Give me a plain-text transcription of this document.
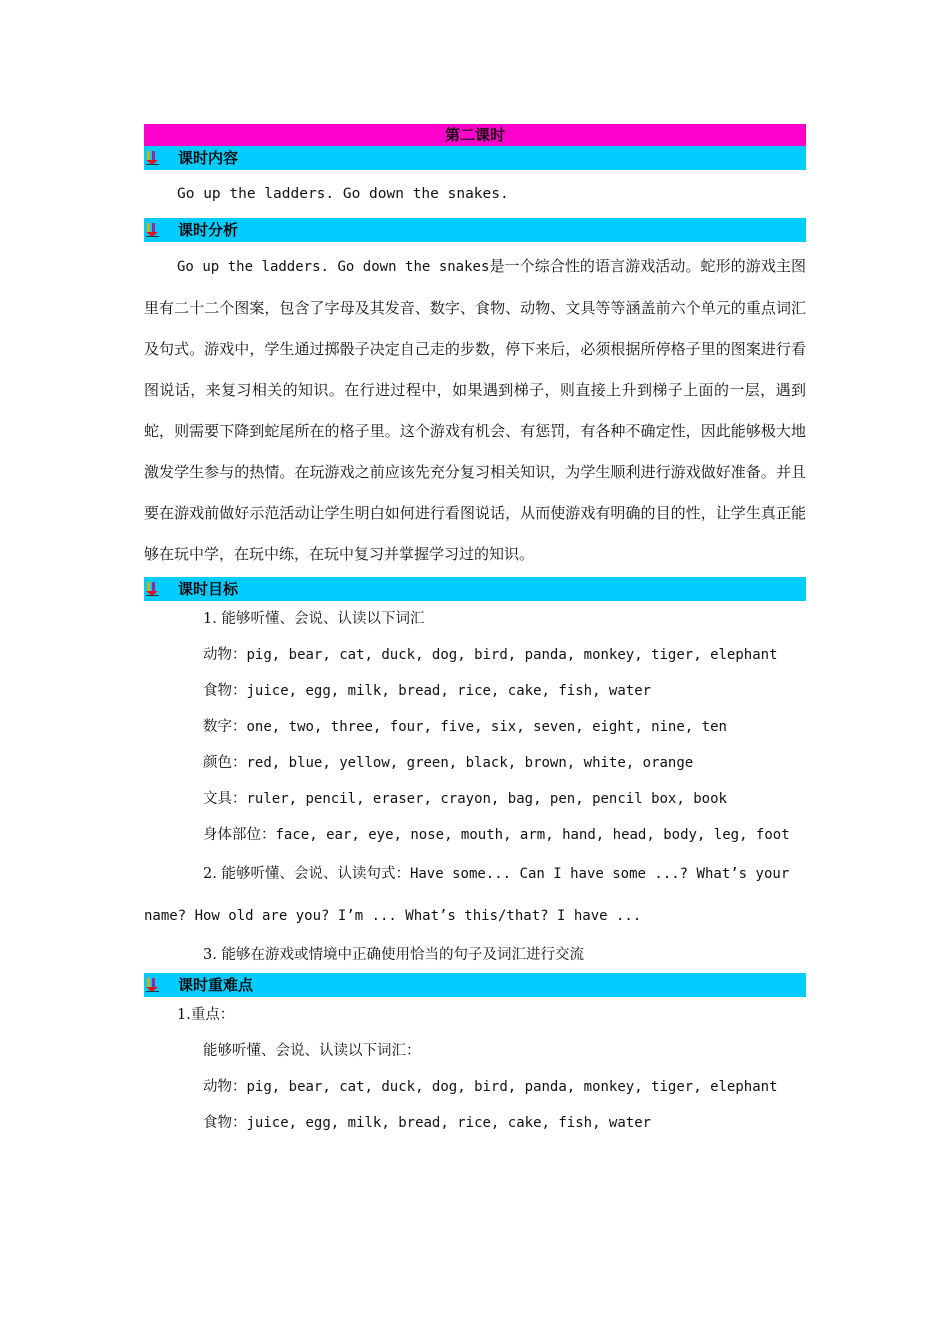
第二课时
课时内容
Go up the ladders. Go down the snakes.
课时分析
Go up the ladders. Go down the snakes是一个综合性的语言游戏活动。蛇形的游戏主图里有二十二个图案，包含了字母及其发音、数字、食物、动物、文具等等涵盖前六个单元的重点词汇及句式。游戏中，学生通过掷骰子决定自己走的步数，停下来后，必须根据所停格子里的图案进行看图说话，来复习相关的知识。在行进过程中，如果遇到梯子，则直接上升到梯子上面的一层，遇到蛇，则需要下降到蛇尾所在的格子里。这个游戏有机会、有惩罚，有各种不确定性，因此能够极大地激发学生参与的热情。在玩游戏之前应该先充分复习相关知识，为学生顺利进行游戏做好准备。并且要在游戏前做好示范活动让学生明白如何进行看图说话，从而使游戏有明确的目的性，让学生真正能够在玩中学，在玩中练，在玩中复习并掌握学习过的知识。
课时目标
1. 能够听懂、会说、认读以下词汇
动物：pig, bear, cat, duck, dog, bird, panda, monkey, tiger, elephant
食物：juice, egg, milk, bread, rice, cake, fish, water
数字：one, two, three, four, five, six, seven, eight, nine, ten
颜色：red, blue, yellow, green, black, brown, white, orange
文具：ruler, pencil, eraser, crayon, bag, pen, pencil box, book
身体部位：face, ear, eye, nose, mouth, arm, hand, head, body, leg, foot
2. 能够听懂、会说、认读句式：Have some... Can I have some ...? What’s your name? How old are you? I’m ... What’s this/that? I have ...
3. 能够在游戏或情境中正确使用恰当的句子及词汇进行交流
课时重难点
1.重点：
能够听懂、会说、认读以下词汇：
动物：pig, bear, cat, duck, dog, bird, panda, monkey, tiger, elephant
食物：juice, egg, milk, bread, rice, cake, fish, water
